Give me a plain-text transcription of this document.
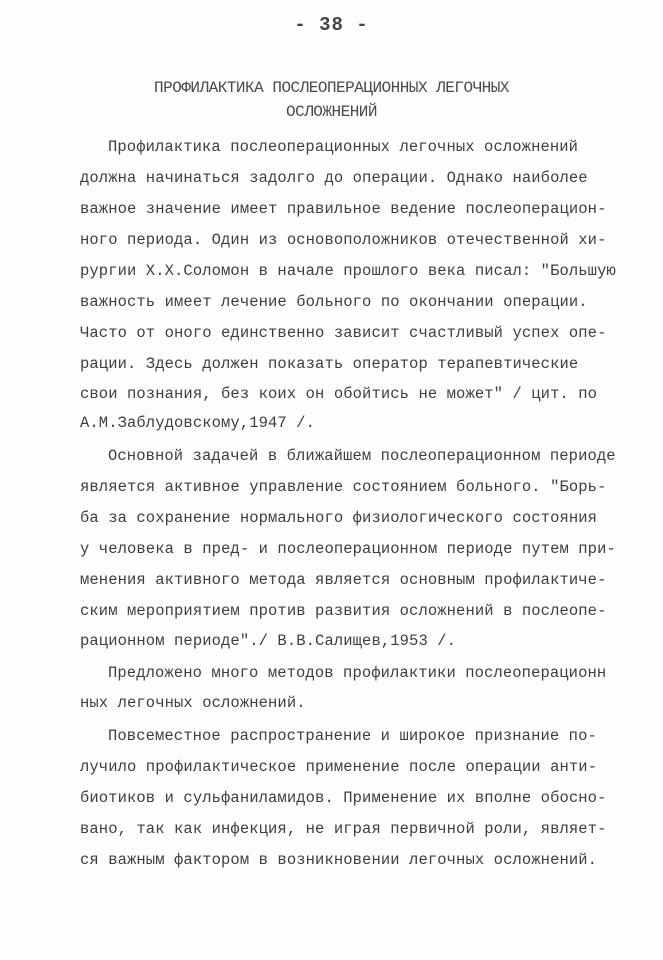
- 38 -
ПРОФИЛАКТИКА ПОСЛЕОПЕРАЦИОННЫХ ЛЕГОЧНЫХ
ОСЛОЖНЕНИЙ
Профилактика послеоперационных легочных осложнений
должна начинаться задолго до операции. Однако наиболее
важное значение имеет правильное ведение послеоперацион-
ного периода. Один из основоположников отечественной хи-
рургии Х.Х.Соломон в начале прошлого века писал: "Большую
важность имеет лечение больного по окончании операции.
Часто от оного единственно зависит счастливый успех опе-
рации. Здесь должен показать оператор терапевтические
свои познания, без коих он обойтись не может" / цит. по
А.М.Заблудовскому,1947 /.
Основной задачей в ближайшем послеоперационном периоде
является активное управление состоянием больного. "Борь-
ба за сохранение нормального физиологического состояния
у человека в пред- и послеоперационном периоде путем при-
менения активного метода является основным профилактиче-
ским мероприятием против развития осложнений в послеопе-
рационном периоде"./ В.В.Салищев,1953 /.
Предложено много методов профилактики послеоперационн
ных легочных осложнений.
Повсеместное распространение и широкое признание по-
лучило профилактическое применение после операции анти-
биотиков и сульфаниламидов. Применение их вполне обосно-
вано, так как инфекция, не играя первичной роли, являет-
ся важным фактором в возникновении легочных осложнений.
